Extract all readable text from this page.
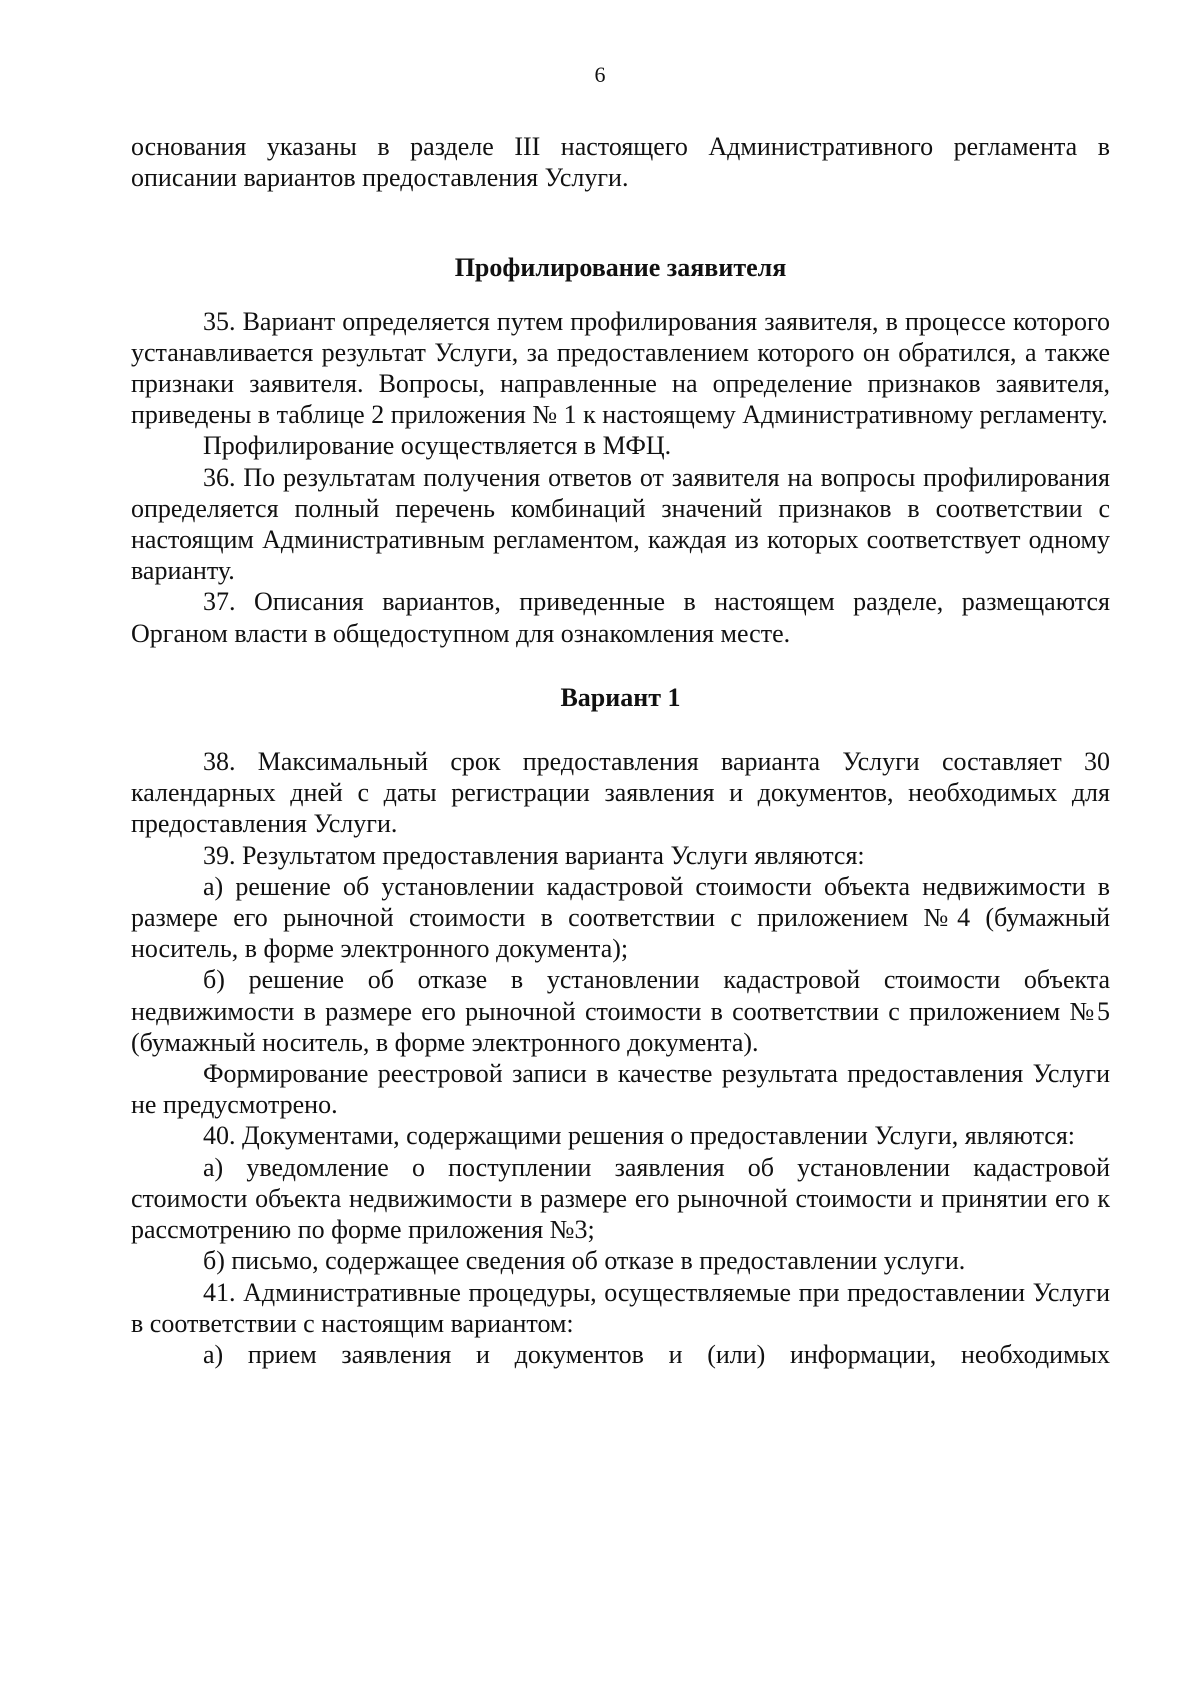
6

основания указаны в разделе III настоящего Административного регламента в описании вариантов предоставления Услуги.

Профилирование заявителя

35. Вариант определяется путем профилирования заявителя, в процессе которого устанавливается результат Услуги, за предоставлением которого он обратился, а также признаки заявителя. Вопросы, направленные на определение признаков заявителя, приведены в таблице 2 приложения № 1 к настоящему Административному регламенту.

Профилирование осуществляется в МФЦ.

36. По результатам получения ответов от заявителя на вопросы профилирования определяется полный перечень комбинаций значений признаков в соответствии с настоящим Административным регламентом, каждая из которых соответствует одному варианту.

37. Описания вариантов, приведенные в настоящем разделе, размещаются Органом власти в общедоступном для ознакомления месте.

Вариант 1

38. Максимальный срок предоставления варианта Услуги составляет 30 календарных дней с даты регистрации заявления и документов, необходимых для предоставления Услуги.

39. Результатом предоставления варианта Услуги являются:

а) решение об установлении кадастровой стоимости объекта недвижимости в размере его рыночной стоимости в соответствии с приложением №4 (бумажный носитель, в форме электронного документа);

б) решение об отказе в установлении кадастровой стоимости объекта недвижимости в размере его рыночной стоимости в соответствии с приложением №5 (бумажный носитель, в форме электронного документа).

Формирование реестровой записи в качестве результата предоставления Услуги не предусмотрено.

40. Документами, содержащими решения о предоставлении Услуги, являются:

а) уведомление о поступлении заявления об установлении кадастровой стоимости объекта недвижимости в размере его рыночной стоимости и принятии его к рассмотрению по форме приложения №3;

б) письмо, содержащее сведения об отказе в предоставлении услуги.

41. Административные процедуры, осуществляемые при предоставлении Услуги в соответствии с настоящим вариантом:

а) прием заявления и документов и (или) информации, необходимых
